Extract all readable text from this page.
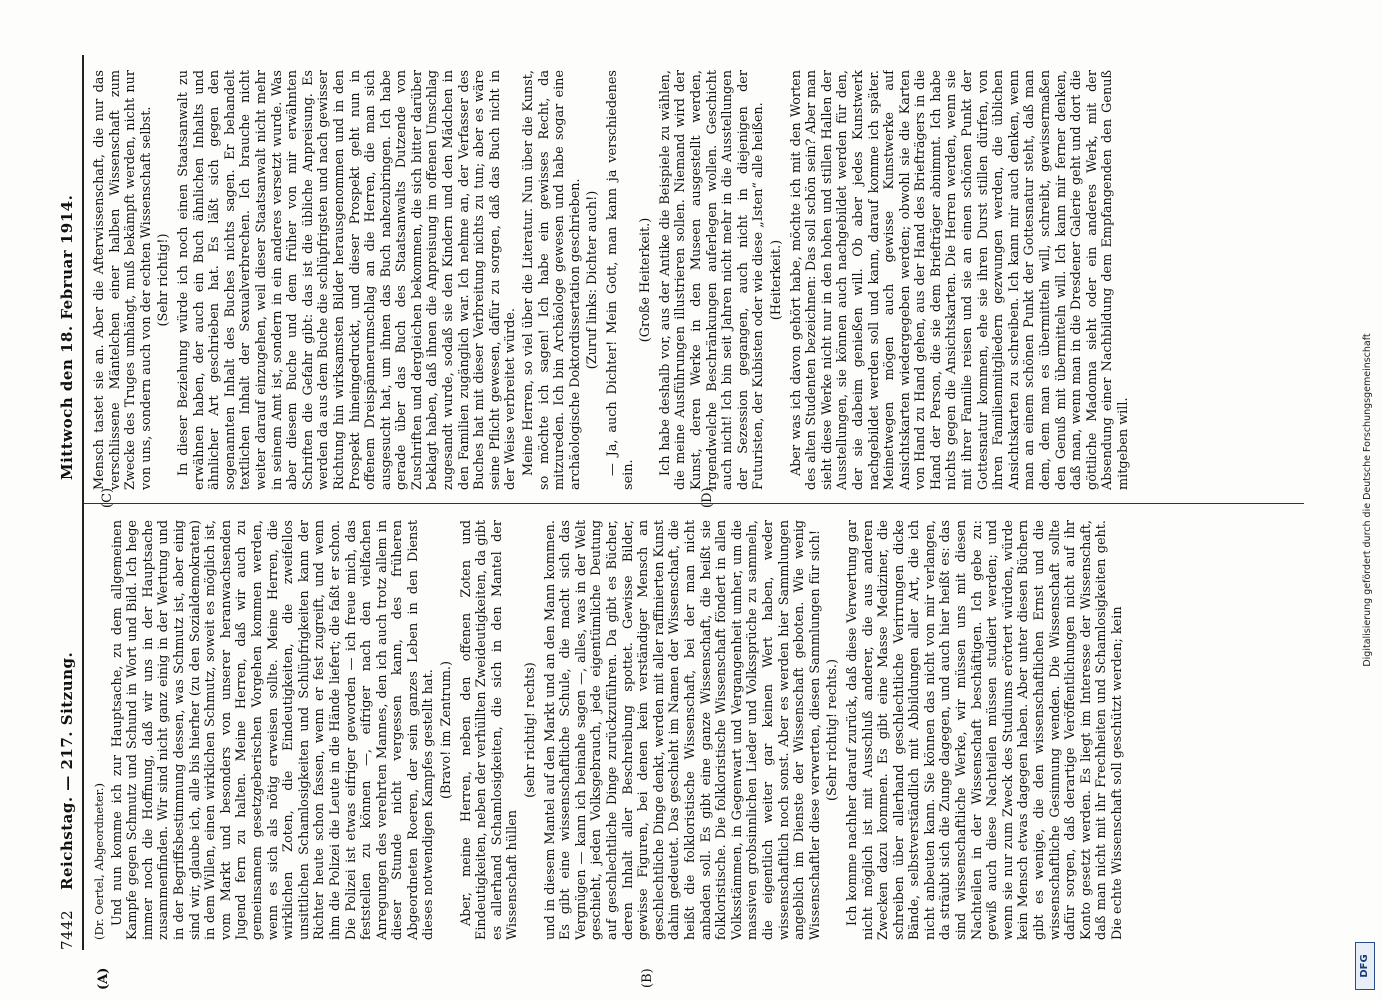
7442
Reichstag. — 217. Sitzung.
Mittwoch den 18. Februar 1914.
(A)	(B)
(C)	(D)

(Dr. Oertel, Abgeordneter.) Und nun komme ich zur Hauptsache, zu dem allgemeinen Kampfe gegen Schmutz und Schund in Wort und Bild. Ich hege immer noch die Hoffnung, daß wir uns in der Hauptsache zusammenfinden. Wir sind nicht ganz einig in der Wertung und in der Begriffsbestimmung dessen, was Schmutz ist, aber einig sind wir, glaube ich, alle bis hierher (zu den Sozialdemokraten) in dem Willen, einen wirklichen Schmutz, soweit es möglich ist, vom Markt und besonders von unserer heranwachsenden Jugend fern zu halten. Meine Herren, daß wir auch zu gemeinsamem gesetzgeberischen Vorgehen kommen werden, wenn es sich als nötig erweisen sollte. Meine Herren, die wirklichen Zoten, die Eindeutigkeiten, die zweifellos unsittlichen Schamlosigkeiten und Schlüpfrigkeiten kann der Richter heute schon fassen, wenn er fest zugreift, und wenn ihm die Polizei die Leute in die Hände liefert; die faßt er schon. Die Polizei ist etwas eifriger geworden — ich freue mich, das feststellen zu können —, eifriger nach den vielfachen Anregungen des verehrten Mannes, den ich auch trotz allem in dieser Stunde nicht vergessen kann, des früheren Abgeordneten Roeren, der sein ganzes Leben in den Dienst dieses notwendigen Kampfes gestellt hat. (Bravo! im Zentrum.) Aber, meine Herren, neben den offenen Zoten und Eindeutigkeiten, neben der verhüllten Zweideutigkeiten, da gibt es allerhand Schamlosigkeiten, die sich in den Mantel der Wissenschaft hüllen

(sehr richtig! rechts) und in diesem Mantel auf den Markt und an den Mann kommen. Es gibt eine wissenschaftliche Schule, die macht sich das Vergnügen — kann ich beinahe sagen —, alles, was in der Welt geschieht, jeden Volksgebrauch, jede eigentümliche Deutung auf geschlechtliche Dinge zurückzuführen. Da gibt es Bücher, deren Inhalt aller Beschreibung spottet. Gewisse Bilder, gewisse Figuren, bei denen kein verständiger Mensch an geschlechtliche Dinge denkt, werden mit aller raffinierten Kunst dahin gedeutet. Das geschieht im Namen der Wissenschaft, die heißt die folkloristische Wissenschaft, bei der man nicht anbaden soll. Es gibt eine ganze Wissenschaft, die heißt sie folkloristische. Die folkloristische Wissenschaft föndert in allen Volksstämmen, in Gegenwart und Vergangenheit umher, um die massiven grobsinnlichen Lieder und Volkssprüche zu sammeln, die eigentlich weiter gar keinen Wert haben, weder wissenschaftlich noch sonst. Aber es werden hier Sammlungen angeblich im Dienste der Wissenschaft geboten. Wie wenig Wissenschaftler diese verwerten, diesen Sammlungen für sich! (Sehr richtig! rechts.) Ich komme nachher darauf zurück, daß diese Verwertung gar nicht möglich ist mit Ausschluß anderer, die aus anderen Zwecken dazu kommen. Es gibt eine Masse Mediziner, die schreiben über allerhand geschlechtliche Verirrungen dicke Bände, selbstverständlich mit Abbildungen aller Art, die ich nicht anbeuten kann. Sie können das nicht von mir verlangen, da sträubt sich die Zunge dagegen, und auch hier heißt es: das sind wissenschaftliche Werke, wir müssen uns mit diesen Nachteilen in der Wissenschaft beschäftigen. Ich gebe zu: gewiß auch diese Nachteilen müssen studiert werden; und wenn sie nur zum Zweck des Studiums erörtert würden, würde kein Mensch etwas dagegen haben. Aber unter diesen Büchern gibt es wenige, die den wissenschaftlichen Ernst und die wissenschaftliche Gesinnung wenden. Die Wissenschaft sollte dafür sorgen, daß derartige Veröffentlichungen nicht auf ihr Konto gesetzt werden. Es liegt im Interesse der Wissenschaft, daß man nicht mit ihr Frechheiten und Schamlosigkeiten geht. Die echte Wissenschaft soll geschützt werden; kein

Mensch tastet sie an. Aber die Afterwissenschaft, die nur das verschlissene Mäntelchen einer halben Wissenschaft zum Zwecke des Truges umhängt, muß bekämpft werden, nicht nur von uns, sondern auch von der echten Wissenschaft selbst. (Sehr richtig!) In dieser Beziehung würde ich noch einen Staatsanwalt zu erwähnen haben, der auch ein Buch ähnlichen Inhalts und ähnlicher Art geschrieben hat. Es läßt sich gegen den sogenannten Inhalt des Buches nichts sagen. Er behandelt textlichen Inhalt der Sexualverbrechen. Ich brauche nicht weiter darauf einzugehen, weil dieser Staatsanwalt nicht mehr in seinem Amt ist, sondern in ein anderes versetzt wurde. Was aber diesem Buche und dem früher von mir erwähnten Schriften die Gefahr gibt: das ist die übliche Anpreisung. Es werden da aus dem Buche die schlüpfrigsten und nach gewisser Richtung hin wirksamsten Bilder herausgenommen und in den Prospekt hineingedruckt, und dieser Prospekt geht nun in offenem Dreispännerumschlag an die Herren, die man sich ausgesucht hat, um ihnen das Buch nahezubringen. Ich habe gerade über das Buch des Staatsanwalts Dutzende von Zuschriften und dergleichen bekommen, die sich bitter darüber beklagt haben, daß ihnen die Anpreisung im offenen Umschlag zugesandt wurde, sodaß sie den Kindern und den Mädchen in den Familien zugänglich war. Ich nehme an, der Verfasser des Buches hat mit dieser Verbreitung nichts zu tun; aber es wäre seine Pflicht gewesen, dafür zu sorgen, daß das Buch nicht in der Weise verbreitet würde. Meine Herren, so viel über die Literatur. Nun über die Kunst, so möchte ich sagen! Ich habe ein gewisses Recht, da mitzureden. Ich bin Archäologe gewesen und habe sogar eine archäologische Doktordissertation geschrieben. (Zuruf links: Dichter auch!) — Ja, auch Dichter! Mein Gott, man kann ja verschiedenes sein.

(Große Heiterkeit.) Ich habe deshalb vor, aus der Antike die Beispiele zu wählen, die meine Ausführungen illustrieren sollen. Niemand wird der Kunst, deren Werke in den Museen ausgestellt werden, irgendwelche Beschränkungen auferlegen wollen. Geschicht auch nicht! Ich bin seit Jahren nicht mehr in die Ausstellungen der Sezession gegangen, auch nicht in diejenigen der Futuristen, der Kubisten oder wie diese „Isten“ alle heißen. (Heiterkeit.) Aber was ich davon gehört habe, möchte ich mit den Worten des alten Studenten bezeichnen: Das soll schön sein? Aber man sieht diese Werke nicht nur in den hohen und stillen Hallen der Ausstellungen, sie können auch nachgebildet werden für den, der sie dabeim genießen will. Ob aber jedes Kunstwerk nachgebildet werden soll und kann, darauf komme ich später. Meinetwegen mögen auch gewisse Kunstwerke auf Ansichtskarten wiedergegeben werden; obwohl sie die Karten von Hand zu Hand gehen, aus der Hand des Briefträgers in die Hand der Person, die sie dem Briefträger abnimmt. Ich habe nichts gegen die Ansichtskarten. Die Herren werden, wenn sie mit ihrer Familie reisen und sie an einen schönen Punkt der Gottesnatur kommen, ehe sie ihren Durst stillen dürfen, von ihren Familienmitgliedern gezwungen werden, die üblichen Ansichtskarten zu schreiben. Ich kann mir auch denken, wenn man an einem schönen Punkt der Gottesnatur steht, daß man dem, dem man es übermitteln will, schreibt, gewissermaßen den Genuß mit übermitteln will. Ich kann mir ferner denken, daß man, wenn man in die Dresdener Galerie geht und dort die göttliche Madonna sieht oder ein anderes Werk, mit der Absendung einer Nachbildung dem Empfangenden den Genuß mitgeben will.

DFG
Digitalisierung gefördert durch die Deutsche Forschungsgemeinschaft
